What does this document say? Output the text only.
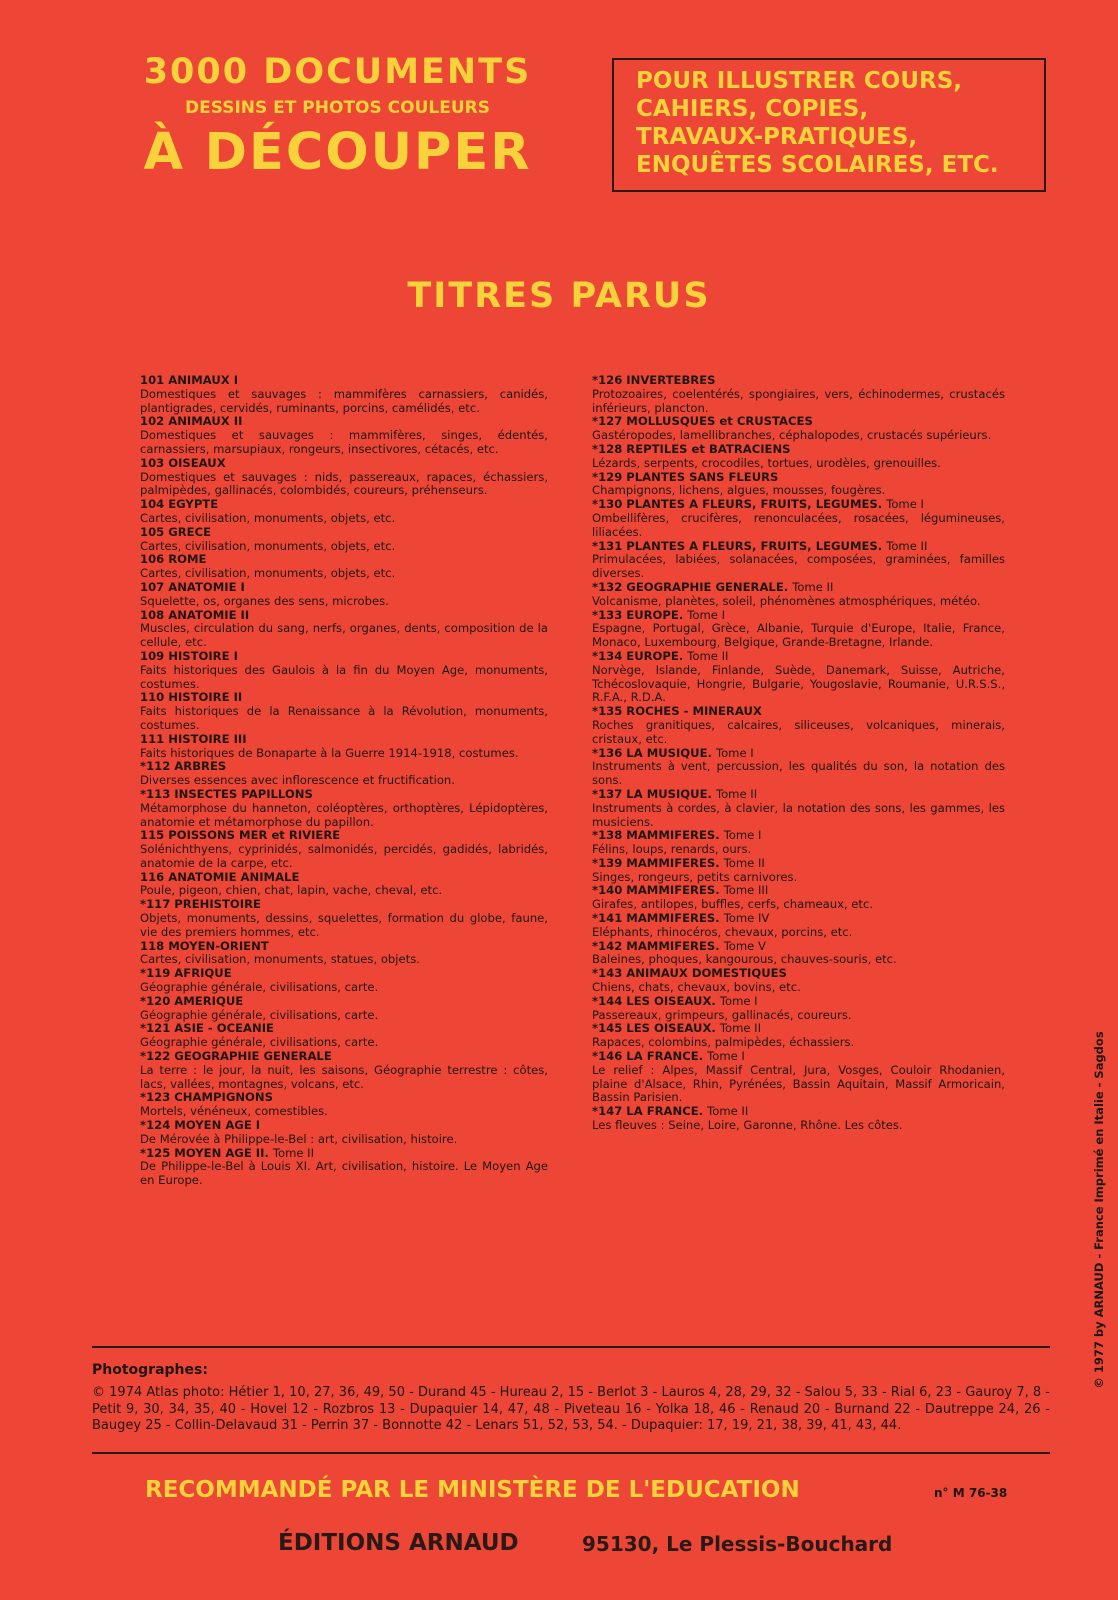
3000 DOCUMENTS
DESSINS ET PHOTOS COULEURS
À DÉCOUPER
POUR ILLUSTRER COURS,
CAHIERS, COPIES,
TRAVAUX-PRATIQUES,
ENQUÊTES SCOLAIRES, ETC.
TITRES PARUS
101 ANIMAUX I
Domestiques et sauvages : mammifères carnassiers, canidés, plantigrades, cervidés, ruminants, porcins, camélidés, etc.
102 ANIMAUX II
Domestiques et sauvages : mammifères, singes, édentés, carnassiers, marsupiaux, rongeurs, insectivores, cétacés, etc.
103 OISEAUX
Domestiques et sauvages : nids, passereaux, rapaces, échassiers, palmipèdes, gallinacés, colombidés, coureurs, préhenseurs.
104 EGYPTE
Cartes, civilisation, monuments, objets, etc.
105 GRECE
Cartes, civilisation, monuments, objets, etc.
106 ROME
Cartes, civilisation, monuments, objets, etc.
107 ANATOMIE I
Squelette, os, organes des sens, microbes.
108 ANATOMIE II
Muscles, circulation du sang, nerfs, organes, dents, composition de la cellule, etc.
109 HISTOIRE I
Faits historiques des Gaulois à la fin du Moyen Age, monuments, costumes.
110 HISTOIRE II
Faits historiques de la Renaissance à la Révolution, monuments, costumes.
111 HISTOIRE III
Faits historiques de Bonaparte à la Guerre 1914-1918, costumes.
*112 ARBRES
Diverses essences avec inflorescence et fructification.
*113 INSECTES PAPILLONS
Métamorphose du hanneton, coléoptères, orthoptères, Lépidoptères, anatomie et métamorphose du papillon.
115 POISSONS MER et RIVIERE
Solénichthyens, cyprinidés, salmonidés, percidés, gadidés, labridés, anatomie de la carpe, etc.
116 ANATOMIE ANIMALE
Poule, pigeon, chien, chat, lapin, vache, cheval, etc.
*117 PREHISTOIRE
Objets, monuments, dessins, squelettes, formation du globe, faune, vie des premiers hommes, etc.
118 MOYEN-ORIENT
Cartes, civilisation, monuments, statues, objets.
*119 AFRIQUE
Géographie générale, civilisations, carte.
*120 AMERIQUE
Géographie générale, civilisations, carte.
*121 ASIE - OCEANIE
Géographie générale, civilisations, carte.
*122 GEOGRAPHIE GENERALE
La terre : le jour, la nuit, les saisons, Géographie terrestre : côtes, lacs, vallées, montagnes, volcans, etc.
*123 CHAMPIGNONS
Mortels, vénéneux, comestibles.
*124 MOYEN AGE I
De Mérovée à Philippe-le-Bel : art, civilisation, histoire.
*125 MOYEN AGE II. Tome II
De Philippe-le-Bel à Louis XI. Art, civilisation, histoire. Le Moyen Age en Europe.
*126 INVERTEBRES
Protozoaires, coelentérés, spongiaires, vers, échinodermes, crustacés inférieurs, plancton.
*127 MOLLUSQUES et CRUSTACES
Gastéropodes, lamellibranches, céphalopodes, crustacés supérieurs.
*128 REPTILES et BATRACIENS
Lézards, serpents, crocodiles, tortues, urodèles, grenouilles.
*129 PLANTES SANS FLEURS
Champignons, lichens, algues, mousses, fougères.
*130 PLANTES A FLEURS, FRUITS, LEGUMES. Tome I
Ombellifères, crucifères, renonculacées, rosacées, légumineuses, liliacées.
*131 PLANTES A FLEURS, FRUITS, LEGUMES. Tome II
Primulacées, labiées, solanacées, composées, graminées, familles diverses.
*132 GEOGRAPHIE GENERALE. Tome II
Volcanisme, planètes, soleil, phénomènes atmosphériques, météo.
*133 EUROPE. Tome I
Espagne, Portugal, Grèce, Albanie, Turquie d'Europe, Italie, France, Monaco, Luxembourg, Belgique, Grande-Bretagne, Irlande.
*134 EUROPE. Tome II
Norvège, Islande, Finlande, Suède, Danemark, Suisse, Autriche, Tchécoslovaquie, Hongrie, Bulgarie, Yougoslavie, Roumanie, U.R.S.S., R.F.A., R.D.A.
*135 ROCHES - MINERAUX
Roches granitiques, calcaires, siliceuses, volcaniques, minerais, cristaux, etc.
*136 LA MUSIQUE. Tome I
Instruments à vent, percussion, les qualités du son, la notation des sons.
*137 LA MUSIQUE. Tome II
Instruments à cordes, à clavier, la notation des sons, les gammes, les musiciens.
*138 MAMMIFERES. Tome I
Félins, loups, renards, ours.
*139 MAMMIFERES. Tome II
Singes, rongeurs, petits carnivores.
*140 MAMMIFERES. Tome III
Girafes, antilopes, buffles, cerfs, chameaux, etc.
*141 MAMMIFERES. Tome IV
Eléphants, rhinocéros, chevaux, porcins, etc.
*142 MAMMIFERES. Tome V
Baleines, phoques, kangourous, chauves-souris, etc.
*143 ANIMAUX DOMESTIQUES
Chiens, chats, chevaux, bovins, etc.
*144 LES OISEAUX. Tome I
Passereaux, grimpeurs, gallinacés, coureurs.
*145 LES OISEAUX. Tome II
Rapaces, colombins, palmipèdes, échassiers.
*146 LA FRANCE. Tome I
Le relief : Alpes, Massif Central, Jura, Vosges, Couloir Rhodanien, plaine d'Alsace, Rhin, Pyrénées, Bassin Aquitain, Massif Armoricain, Bassin Parisien.
*147 LA FRANCE. Tome II
Les fleuves : Seine, Loire, Garonne, Rhône. Les côtes.
Photographes:
© 1974 Atlas photo: Hétier 1, 10, 27, 36, 49, 50 - Durand 45 - Hureau 2, 15 - Berlot 3 - Lauros 4, 28, 29, 32 - Salou 5, 33 - Rial 6, 23 - Gauroy 7, 8 - Petit 9, 30, 34, 35, 40 - Hovel 12 - Rozbros 13 - Dupaquier 14, 47, 48 - Piveteau 16 - Yolka 18, 46 - Renaud 20 - Burnand 22 - Dautreppe 24, 26 - Baugey 25 - Collin-Delavaud 31 - Perrin 37 - Bonnotte 42 - Lenars 51, 52, 53, 54. - Dupaquier: 17, 19, 21, 38, 39, 41, 43, 44.
RECOMMANDÉ PAR LE MINISTÈRE DE L'EDUCATION	n° M 76-38
ÉDITIONS ARNAUD	95130, Le Plessis-Bouchard
© 1977 by ARNAUD - France Imprimé en Italie - Sagdos
